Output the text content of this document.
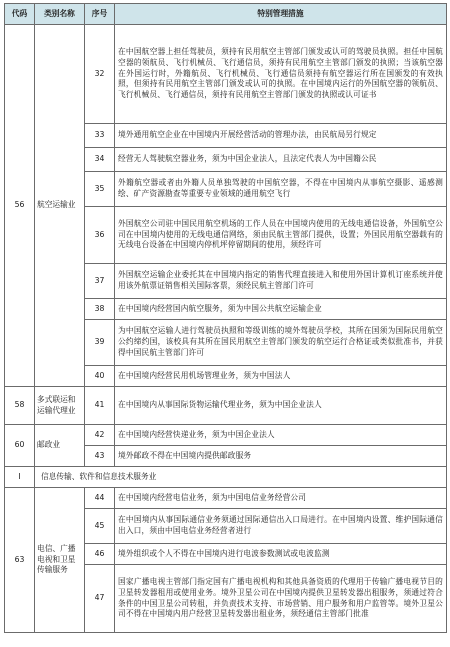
代码	类别名称	序号	特别管理措施
56	航空运输业	32	在中国航空器上担任驾驶员，须持有民用航空主管部门颁发或认可的驾驶员执照。担任中国航空器的领航员、飞行机械员、飞行通信员，须持有民用航空主管部门颁发的执照；当该航空器在外国运行时，外籍航员、飞行机械员、飞行通信员须持有航空器运行所在国颁发的有效执照，但须持有民用航空主管部门颁发或认可的执照。在中国境内运行的外国航空器的领航员、飞行机械员、飞行通信员，须持有民用航空主管部门颁发的执照或认可证书
		33	境外通用航空企业在中国境内开展经营活动的管理办法，由民航局另行规定
		34	经营无人驾驶航空器业务，须为中国企业法人，且法定代表人为中国籍公民
		35	外籍航空器或者由外籍人员单独驾驶的中国航空器，不得在中国境内从事航空摄影、遥感测绘、矿产资源勘查等重要专业领域的通用航空飞行
		36	外国航空公司驻中国民用航空机场的工作人员在中国境内使用的无线电通信设备，外国航空公司在中国境内使用的无线电通信网络，须由民航主管部门提供，设置；外国民用航空器载有的无线电台设备在中国境内停机坪停留期间的使用，须经许可
		37	外国航空运输企业委托其在中国境内指定的销售代理直接进入和使用外国计算机订座系统并使用该外航票证销售相关国际客票，须经民航主管部门许可
		38	在中国境内经营国内航空服务，须为中国公共航空运输企业
		39	为中国航空运输人进行驾驶员执照和等级训练的境外驾驶员学校，其所在国须为国际民用航空公约缔约国，该校具有其所在国民用航空主管部门颁发的航空运行合格证或类似批准书，并获得中国民航主管部门许可
		40	在中国境内经营民用机场管理业务，须为中国法人
58	多式联运和运输代理业	41	在中国境内从事国际货物运输代理业务，须为中国企业法人
60	邮政业	42	在中国境内经营快递业务，须为中国企业法人
		43	境外邮政不得在中国境内提供邮政服务
I	信息传输、软件和信息技术服务业		
63	电信、广播电视和卫星传输服务	44	在中国境内经营电信业务，须为中国电信业务经营公司
		45	在中国境内从事国际通信业务须通过国际通信出入口局进行。在中国境内设置、维护国际通信出入口，须由中国电信业务经营者进行
		46	境外组织或个人不得在中国境内进行电波参数测试或电波监测
		47	国家广播电视主管部门指定国有广播电视机构和其他具备资质的代理用于传输广播电视节目的卫星转发器租用或使用业务。境外卫星公司在中国境内提供卫星转发器出租服务，须通过符合条件的中国卫星公司转租，并负责技术支持、市场营销、用户服务和用户监管等。境外卫星公司不得在中国境内用户经营卫星转发器出租业务，须经通信主管部门批准
